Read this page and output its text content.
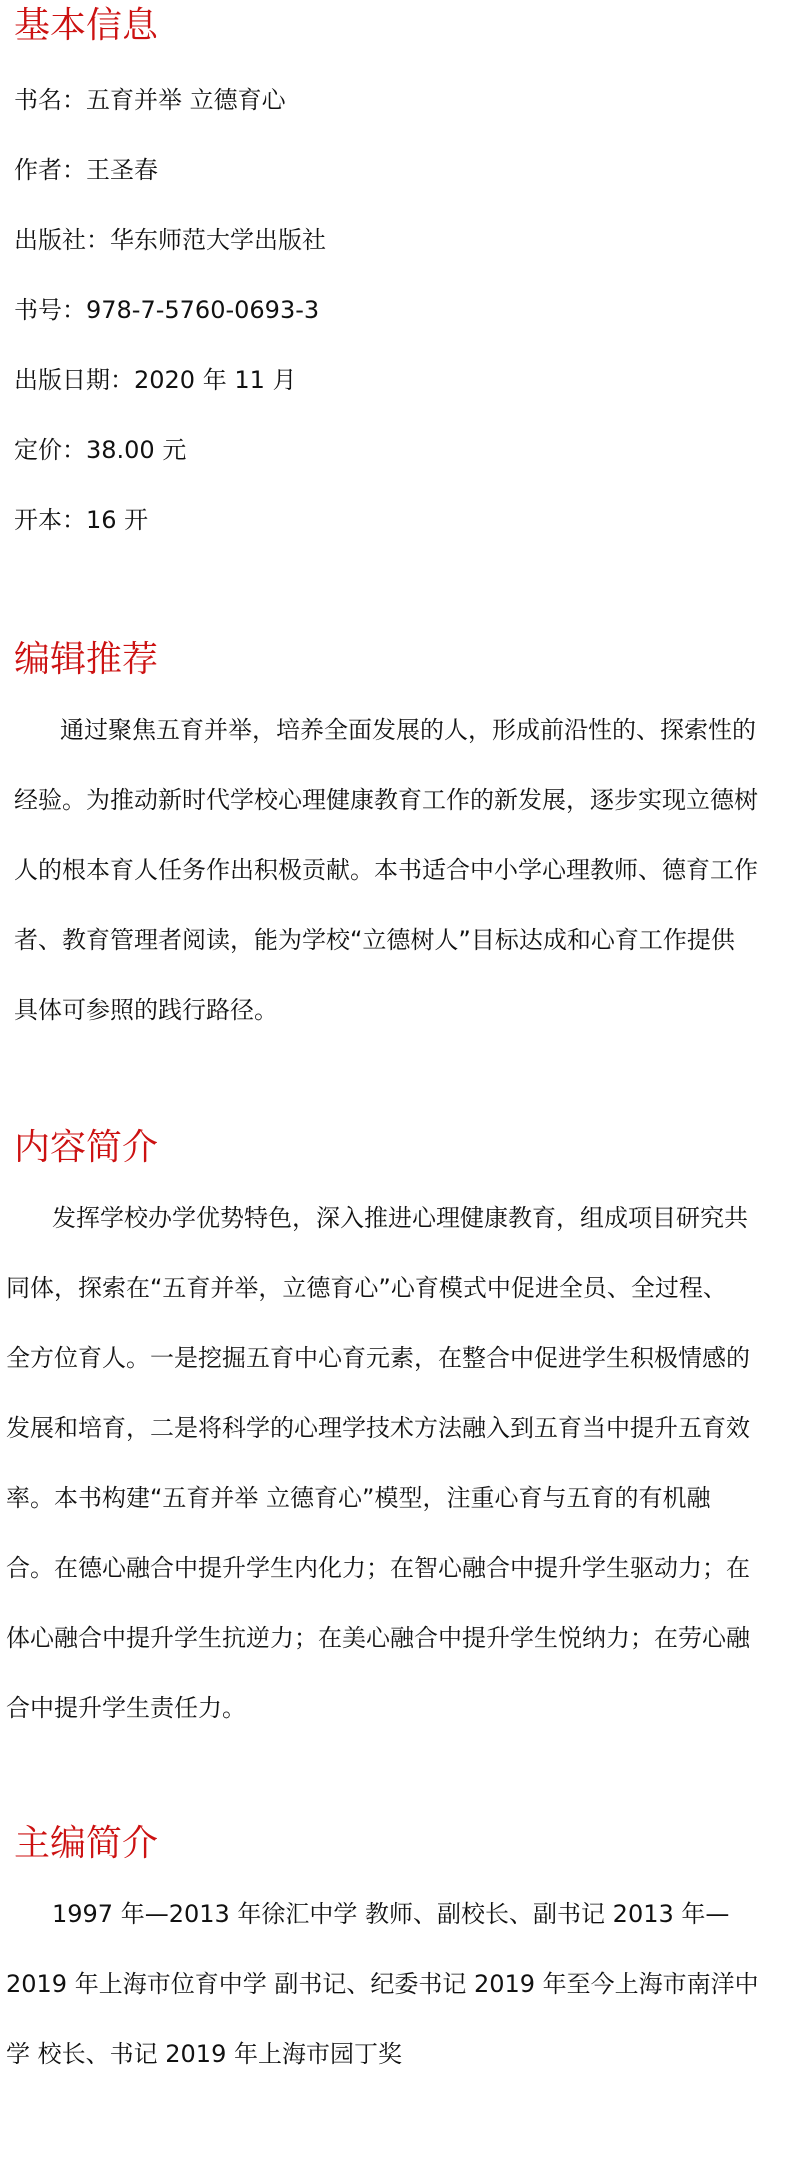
基本信息

书名：五育并举 立德育心

作者：王圣春

出版社：华东师范大学出版社

书号：978-7-5760-0693-3

出版日期：2020 年 11 月

定价：38.00 元

开本：16 开

编辑推荐

通过聚焦五育并举，培养全面发展的人，形成前沿性的、探索性的

经验。为推动新时代学校心理健康教育工作的新发展，逐步实现立德树

人的根本育人任务作出积极贡献。本书适合中小学心理教师、德育工作

者、教育管理者阅读，能为学校“立德树人”目标达成和心育工作提供

具体可参照的践行路径。

内容简介

发挥学校办学优势特色，深入推进心理健康教育，组成项目研究共

同体，探索在“五育并举，立德育心”心育模式中促进全员、全过程、

全方位育人。一是挖掘五育中心育元素，在整合中促进学生积极情感的

发展和培育，二是将科学的心理学技术方法融入到五育当中提升五育效

率。本书构建“五育并举 立德育心”模型，注重心育与五育的有机融

合。在德心融合中提升学生内化力；在智心融合中提升学生驱动力；在

体心融合中提升学生抗逆力；在美心融合中提升学生悦纳力；在劳心融

合中提升学生责任力。

主编简介

1997 年—2013 年徐汇中学 教师、副校长、副书记 2013 年—

2019 年上海市位育中学 副书记、纪委书记 2019 年至今上海市南洋中

学 校长、书记 2019 年上海市园丁奖
